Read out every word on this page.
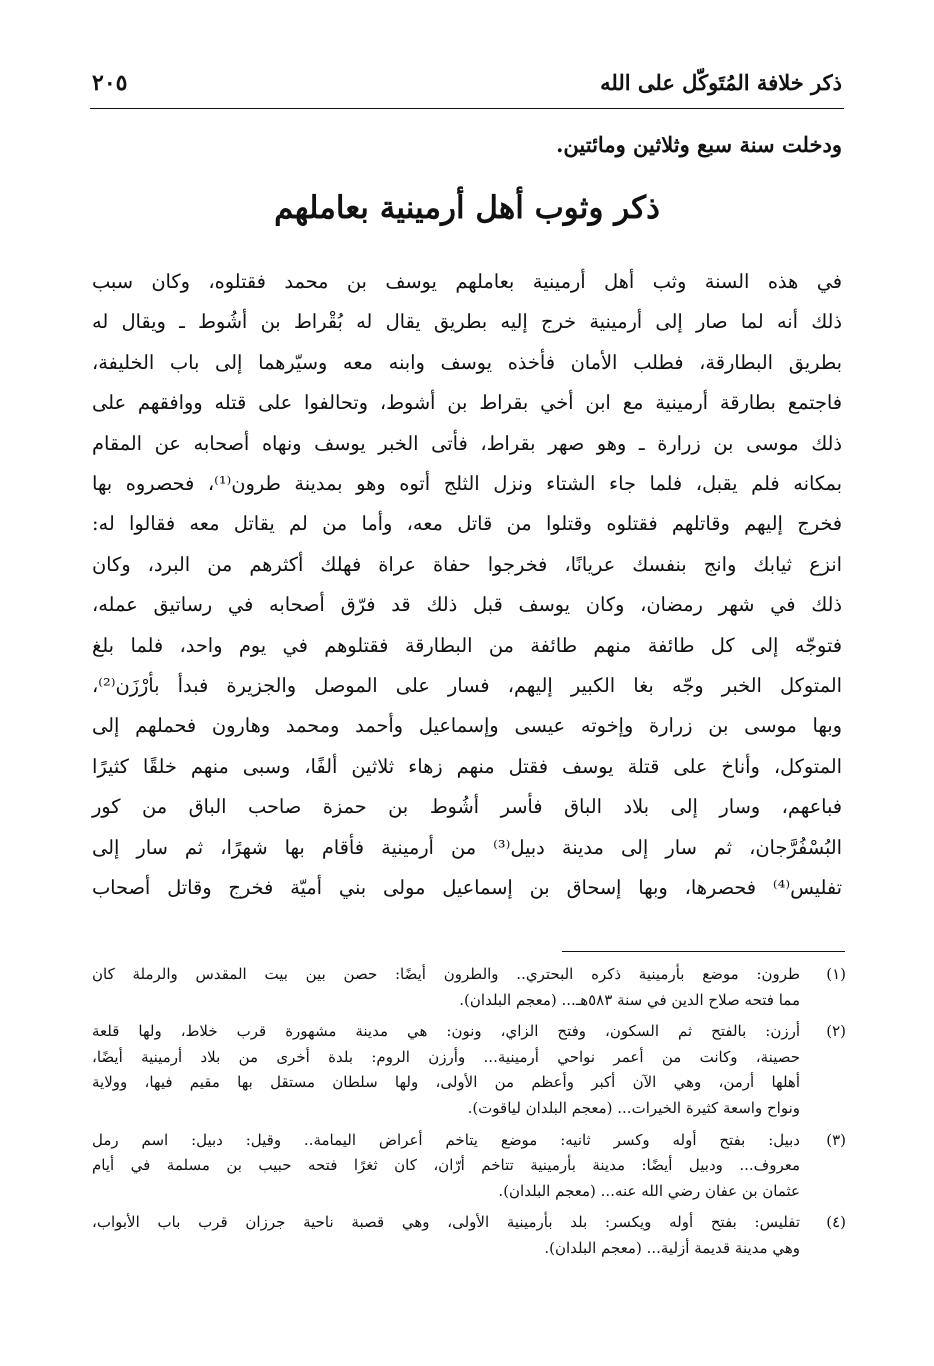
ذكر خلافة المُتَوكّل على الله
٢٠٥

ودخلت سنة سبع وثلاثين ومائتين.

ذكر وثوب أهل أرمينية بعاملهم
في هذه السنة وثب أهل أرمينية بعاملهم يوسف بن محمد فقتلوه، وكان سبب
ذلك أنه لما صار إلى أرمينية خرج إليه بطريق يقال له بُقْراط بن أشُوط ـ ويقال له
بطريق البطارقة، فطلب الأمان فأخذه يوسف وابنه معه وسيّرهما إلى باب الخليفة،
فاجتمع بطارقة أرمينية مع ابن أخي بقراط بن أشوط، وتحالفوا على قتله ووافقهم على
ذلك موسى بن زرارة ـ وهو صهر بقراط، فأتى الخبر يوسف ونهاه أصحابه عن المقام
بمكانه فلم يقبل، فلما جاء الشتاء ونزل الثلج أتوه وهو بمدينة طرون⁽¹⁾، فحصروه بها
فخرج إليهم وقاتلهم فقتلوه وقتلوا من قاتل معه، وأما من لم يقاتل معه فقالوا له:
انزع ثيابك وانج بنفسك عريانًا، فخرجوا حفاة عراة فهلك أكثرهم من البرد، وكان
ذلك في شهر رمضان، وكان يوسف قبل ذلك قد فرّق أصحابه في رساتيق عمله،
فتوجّه إلى كل طائفة منهم طائفة من البطارقة فقتلوهم في يوم واحد، فلما بلغ
المتوكل الخبر وجّه بغا الكبير إليهم، فسار على الموصل والجزيرة فبدأ بأرْزَن⁽²⁾،
وبها موسى بن زرارة وإخوته عيسى وإسماعيل وأحمد ومحمد وهارون فحملهم إلى
المتوكل، وأناخ على قتلة يوسف فقتل منهم زهاء ثلاثين ألفًا، وسبى منهم خلقًا كثيرًا
فباعهم، وسار إلى بلاد الباق فأسر أشُوط بن حمزة صاحب الباق من كور
البُسْفُرَّجان، ثم سار إلى مدينة دبيل⁽³⁾ من أرمينية فأقام بها شهرًا، ثم سار إلى
تفليس⁽⁴⁾ فحصرها، وبها إسحاق بن إسماعيل مولى بني أميّة فخرج وقاتل أصحاب
(١)
طرون: موضع بأرمينية ذكره البحتري.. والطرون أيضًا: حصن بين بيت المقدس والرملة كان
مما فتحه صلاح الدين في سنة ٥٨٣هـ... (معجم البلدان).
(٢)
أرزن: بالفتح ثم السكون، وفتح الزاي، ونون: هي مدينة مشهورة قرب خلاط، ولها قلعة
حصينة، وكانت من أعمر نواحي أرمينية... وأرزن الروم: بلدة أخرى من بلاد أرمينية أيضًا،
أهلها أرمن، وهي الآن أكبر وأعظم من الأولى، ولها سلطان مستقل بها مقيم فيها، وولاية
ونواح واسعة كثيرة الخيرات... (معجم البلدان لياقوت).
(٣)
دبيل: بفتح أوله وكسر ثانيه: موضع يتاخم أعراض اليمامة.. وقيل: دبيل: اسم رمل
معروف... ودبيل أيضًا: مدينة بأرمينية تتاخم أرّان، كان ثغرًا فتحه حبيب بن مسلمة في أيام
عثمان بن عفان رضي الله عنه... (معجم البلدان).
(٤)
تفليس: بفتح أوله ويكسر: بلد بأرمينية الأولى، وهي قصبة ناحية جرزان قرب باب الأبواب،
وهي مدينة قديمة أزلية... (معجم البلدان).
